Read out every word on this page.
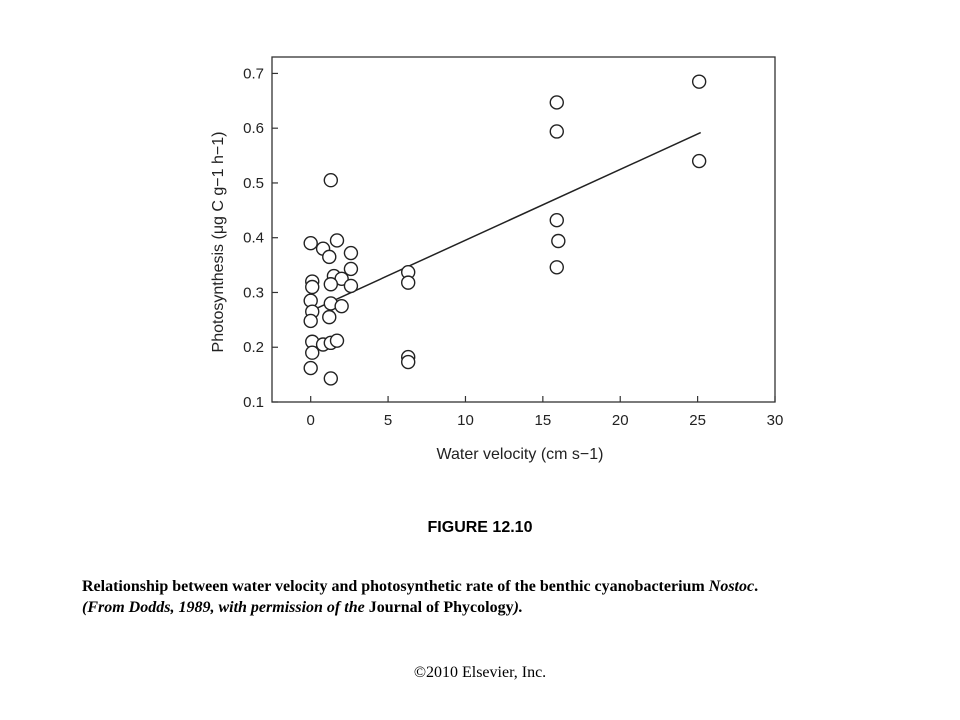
0	5	10	15	20	25	30
0.1
0.2
0.3
0.4
0.5
0.6
0.7
Water velocity (cm s−1)
Photosynthesis (μg C g−1 h−1)
FIGURE 12.10
Relationship between water velocity and photosynthetic rate of the benthic cyanobacterium Nostoc.
(From Dodds, 1989, with permission of the Journal of Phycology).
©2010 Elsevier, Inc.
